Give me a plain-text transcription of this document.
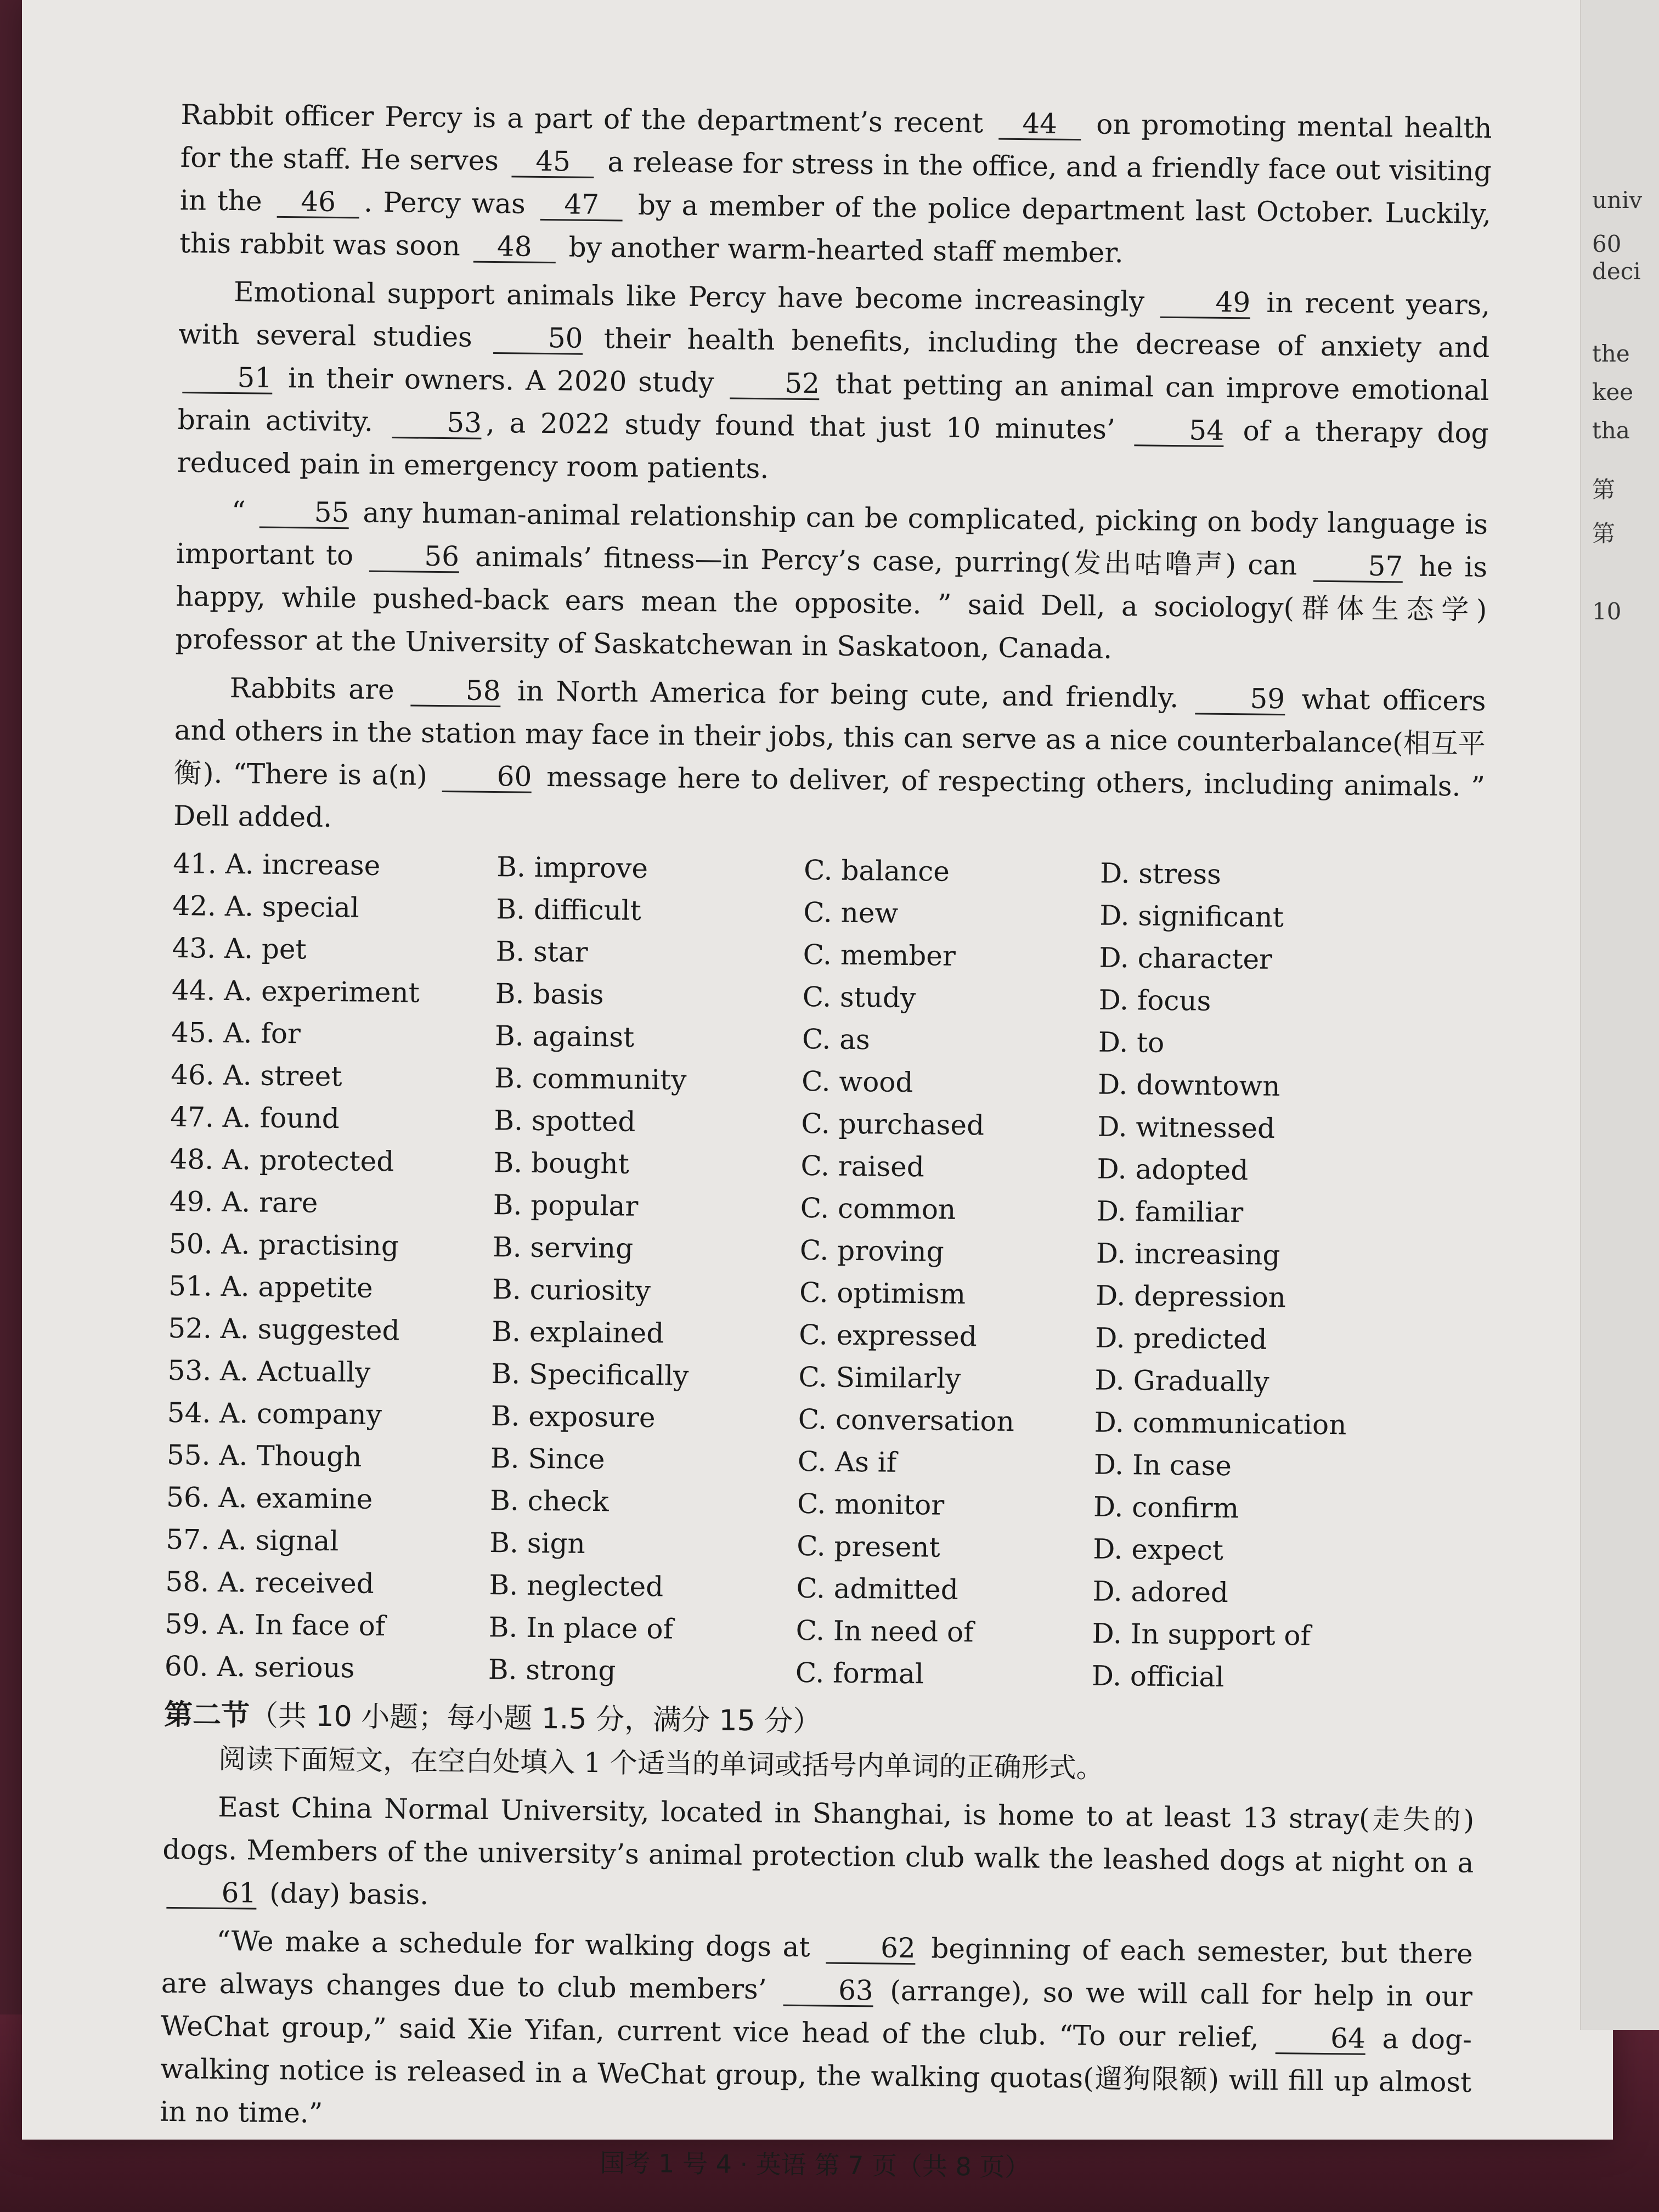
Rabbit officer Percy is a part of the department’s recent 44 on promoting mental health for the staff. He serves 45 a release for stress in the office, and a friendly face out visiting in the 46 . Percy was 47 by a member of the police department last October. Luckily, this rabbit was soon 48 by another warm-hearted staff member.

Emotional support animals like Percy have become increasingly 49 in recent years, with several studies 50 their health benefits, including the decrease of anxiety and 51 in their owners. A 2020 study 52 that petting an animal can improve emotional brain activity. 53 , a 2022 study found that just 10 minutes’ 54 of a therapy dog reduced pain in emergency room patients.

“ 55 any human-animal relationship can be complicated, picking on body language is important to 56 animals’ fitness—in Percy’s case, purring(发出咕噜声) can 57 he is happy, while pushed-back ears mean the opposite. ” said Dell, a sociology(群体生态学) professor at the University of Saskatchewan in Saskatoon, Canada.

Rabbits are 58 in North America for being cute, and friendly. 59 what officers and others in the station may face in their jobs, this can serve as a nice counterbalance(相互平衡). “There is a(n) 60 message here to deliver, of respecting others, including animals. ” Dell added.

41. A. increase	B. improve	C. balance	D. stress
42. A. special	B. difficult	C. new	D. significant
43. A. pet	B. star	C. member	D. character
44. A. experiment	B. basis	C. study	D. focus
45. A. for	B. against	C. as	D. to
46. A. street	B. community	C. wood	D. downtown
47. A. found	B. spotted	C. purchased	D. witnessed
48. A. protected	B. bought	C. raised	D. adopted
49. A. rare	B. popular	C. common	D. familiar
50. A. practising	B. serving	C. proving	D. increasing
51. A. appetite	B. curiosity	C. optimism	D. depression
52. A. suggested	B. explained	C. expressed	D. predicted
53. A. Actually	B. Specifically	C. Similarly	D. Gradually
54. A. company	B. exposure	C. conversation	D. communication
55. A. Though	B. Since	C. As if	D. In case
56. A. examine	B. check	C. monitor	D. confirm
57. A. signal	B. sign	C. present	D. expect
58. A. received	B. neglected	C. admitted	D. adored
59. A. In face of	B. In place of	C. In need of	D. In support of
60. A. serious	B. strong	C. formal	D. official
第二节（共 10 小题；每小题 1.5 分，满分 15 分）

阅读下面短文，在空白处填入 1 个适当的单词或括号内单词的正确形式。

East China Normal University, located in Shanghai, is home to at least 13 stray(走失的) dogs. Members of the university’s animal protection club walk the leashed dogs at night on a 61 (day) basis.

“We make a schedule for walking dogs at 62 beginning of each semester, but there are always changes due to club members’ 63 (arrange), so we will call for help in our WeChat group,” said Xie Yifan, current vice head of the club. “To our relief, 64 a dog-walking notice is released in a WeChat group, the walking quotas(遛狗限额) will fill up almost in no time.”

国考 1 号 4 · 英语 第 7 页（共 8 页）
univ
60
deci
the
kee
tha
第
第
10
